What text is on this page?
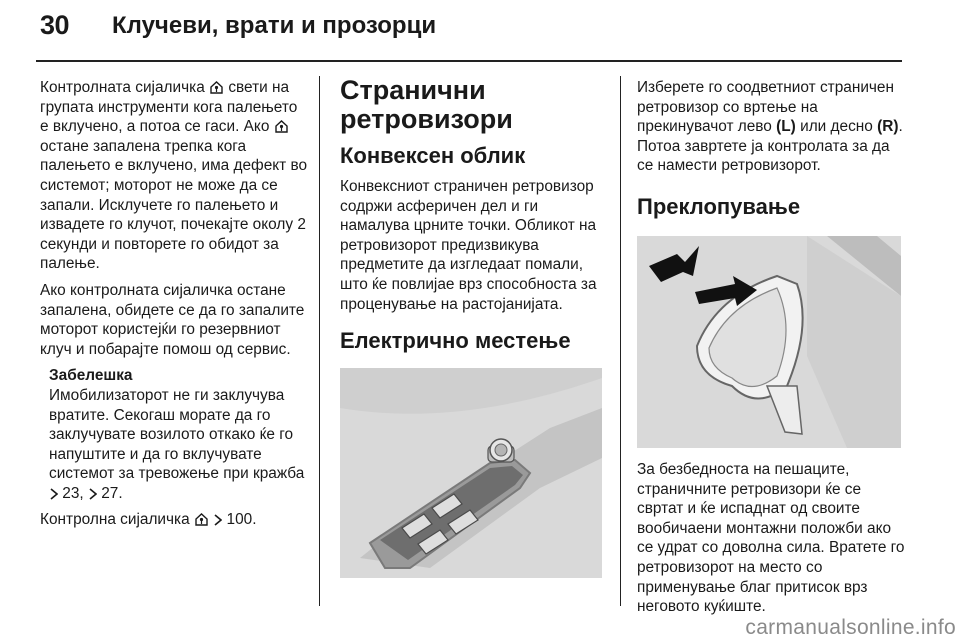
30 Клучеви, врати и прозорци

Контролната сијаличка свети на групата инструменти кога палењето е вклучено, а потоа се гаси. Ако  остане запалена трепка кога палењето е вклучено, има дефект во системот; моторот не може да се запали. Исклучете го палењето и извадете го клучот, почекајте околу 2 секунди и повторете го обидот за палење.

Ако контролната сијаличка остане запалена, обидете се да го запалите моторот користејќи го резервниот клуч и побарајте помош од сервис.

Забелешка

Имобилизаторот не ги заклучува вратите. Секогаш морате да го заклучувате возилото откако ќе го напуштите и да го вклучувате системот за тревожење при кражба  23, 27.

Контролна сијаличка 100.

Странични ретровизори
Конвексен облик

Конвексниот страничен ретровизор содржи асферичен дел и ги намалува црните точки. Обликот на ретровизорот предизвикува предметите да изгледаат помали, што ќе повлијае врз способноста за проценување на растојанијата.

Електрично местење

Изберете го соодветниот страничен ретровизор со вртење на прекинувачот лево (L) или десно (R). Потоа завртете ја контролата за да се намести ретровизорот.

Преклопување

За безбедноста на пешаците, страничните ретровизори ќе се свртат и ќе испаднат од своите вообичаени монтажни положби ако се удрат со доволна сила. Вратете го ретровизорот на место со применување благ притисок врз неговото куќиште.

carmanualsonline.info
